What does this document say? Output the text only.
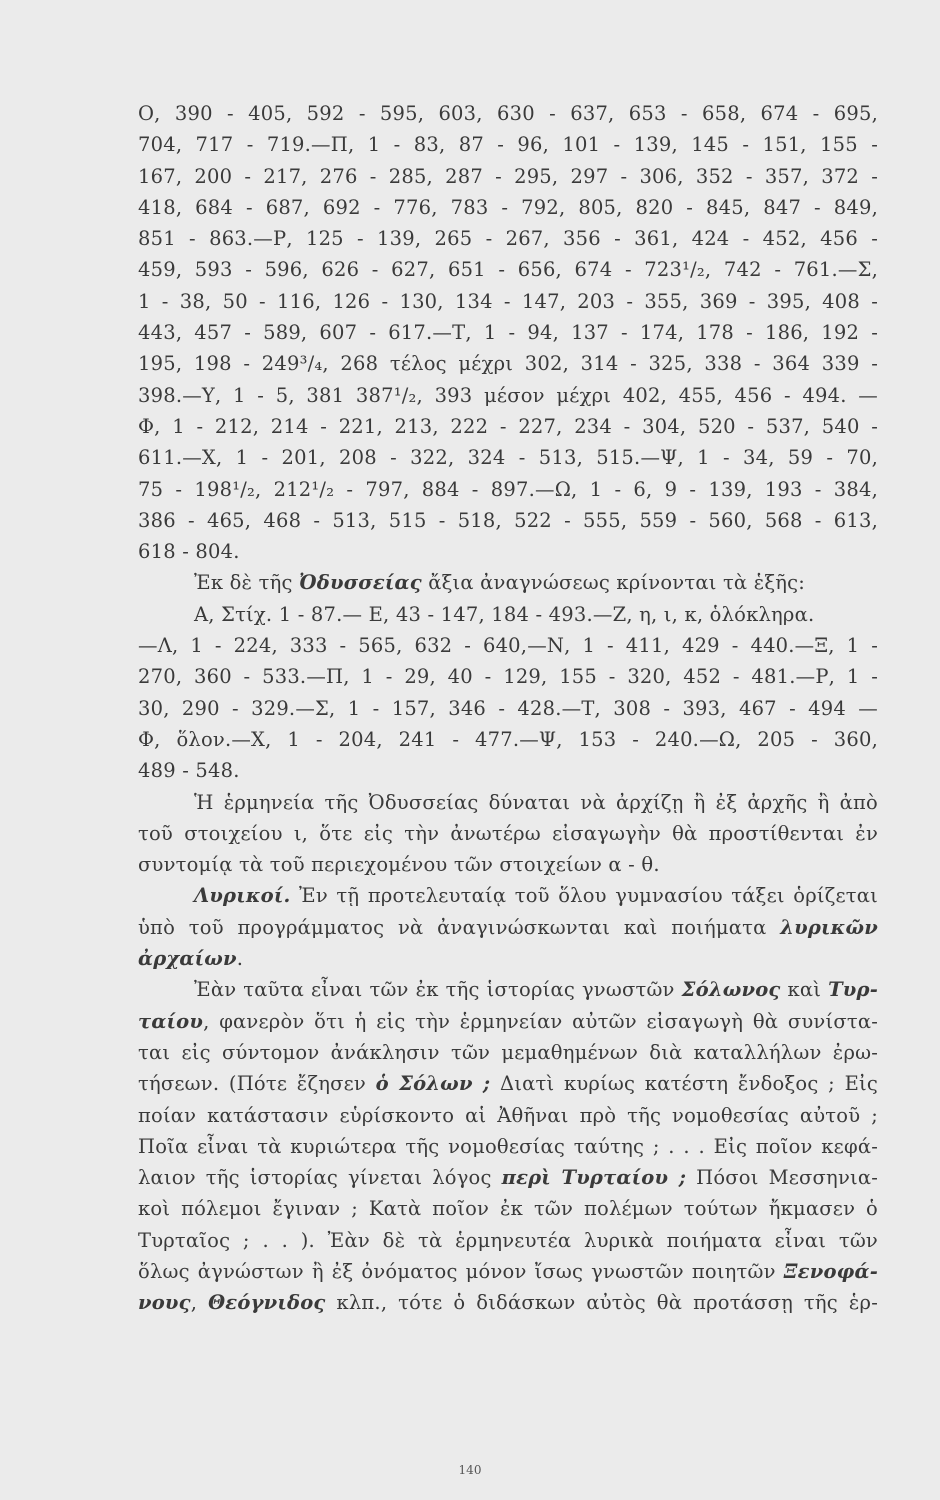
Ο, 390 - 405, 592 - 595, 603, 630 - 637, 653 - 658, 674 - 695,
704, 717 - 719.—Π, 1 - 83, 87 - 96, 101 - 139, 145 - 151, 155 -
167, 200 - 217, 276 - 285, 287 - 295, 297 - 306, 352 - 357, 372 -
418, 684 - 687, 692 - 776, 783 - 792, 805, 820 - 845, 847 - 849,
851 - 863.—Ρ, 125 - 139, 265 - 267, 356 - 361, 424 - 452, 456 -
459, 593 - 596, 626 - 627, 651 - 656, 674 - 723¹/₂, 742 - 761.—Σ,
1 - 38, 50 - 116, 126 - 130, 134 - 147, 203 - 355, 369 - 395, 408 -
443, 457 - 589, 607 - 617.—Τ, 1 - 94, 137 - 174, 178 - 186, 192 -
195, 198 - 249³/₄, 268 τέλος μέχρι 302, 314 - 325, 338 - 364 339 -
398.—Υ, 1 - 5, 381 387¹/₂, 393 μέσον μέχρι 402, 455, 456 - 494. —
Φ, 1 - 212, 214 - 221, 213, 222 - 227, 234 - 304, 520 - 537, 540 -
611.—Χ, 1 - 201, 208 - 322, 324 - 513, 515.—Ψ, 1 - 34, 59 - 70,
75 - 198¹/₂, 212¹/₂ - 797, 884 - 897.—Ω, 1 - 6, 9 - 139, 193 - 384,
386 - 465, 468 - 513, 515 - 518, 522 - 555, 559 - 560, 568 - 613,
618 - 804.
Ἐκ δὲ τῆς Ὀδυσσείας ἄξια ἀναγνώσεως κρίνονται τὰ ἑξῆς:
Α, Στίχ. 1 - 87.— Ε, 43 - 147, 184 - 493.—Ζ, η, ι, κ, ὁλόκληρα.
—Λ, 1 - 224, 333 - 565, 632 - 640,—Ν, 1 - 411, 429 - 440.—Ξ, 1 -
270, 360 - 533.—Π, 1 - 29, 40 - 129, 155 - 320, 452 - 481.—Ρ, 1 -
30, 290 - 329.—Σ, 1 - 157, 346 - 428.—Τ, 308 - 393, 467 - 494 —
Φ, ὅλον.—Χ, 1 - 204, 241 - 477.—Ψ, 153 - 240.—Ω, 205 - 360,
489 - 548.
Ἡ ἑρμηνεία τῆς Ὀδυσσείας δύναται νὰ ἀρχίζῃ ἢ ἐξ ἀρχῆς ἢ ἀπὸ
τοῦ στοιχείου ι, ὅτε εἰς τὴν ἀνωτέρω εἰσαγωγὴν θὰ προστίθενται ἐν
συντομίᾳ τὰ τοῦ περιεχομένου τῶν στοιχείων α - θ.
Λυρικοί. Ἐν τῇ προτελευταίᾳ τοῦ ὅλου γυμνασίου τάξει ὁρίζεται
ὑπὸ τοῦ προγράμματος νὰ ἀναγινώσκωνται καὶ ποιήματα λυρικῶν
ἀρχαίων.
Ἐὰν ταῦτα εἶναι τῶν ἐκ τῆς ἱστορίας γνωστῶν Σόλωνος καὶ Τυρ-
ταίου, φανερὸν ὅτι ἡ εἰς τὴν ἑρμηνείαν αὐτῶν εἰσαγωγὴ θὰ συνίστα-
ται εἰς σύντομον ἀνάκλησιν τῶν μεμαθημένων διὰ καταλλήλων ἐρω-
τήσεων. (Πότε ἔζησεν ὁ Σόλων ; Διατὶ κυρίως κατέστη ἔνδοξος ; Εἰς
ποίαν κατάστασιν εὑρίσκοντο αἱ Ἀθῆναι πρὸ τῆς νομοθεσίας αὐτοῦ ;
Ποῖα εἶναι τὰ κυριώτερα τῆς νομοθεσίας ταύτης ; . . . Εἰς ποῖον κεφά-
λαιον τῆς ἱστορίας γίνεται λόγος περὶ Τυρταίου ; Πόσοι Μεσσηνια-
κοὶ πόλεμοι ἔγιναν ; Κατὰ ποῖον ἐκ τῶν πολέμων τούτων ἤκμασεν ὁ
Τυρταῖος ; . . ). Ἐὰν δὲ τὰ ἑρμηνευτέα λυρικὰ ποιήματα εἶναι τῶν
ὅλως ἀγνώστων ἢ ἐξ ὀνόματος μόνον ἴσως γνωστῶν ποιητῶν Ξενοφά-
νους, Θεόγνιδος κλπ., τότε ὁ διδάσκων αὐτὸς θὰ προτάσσῃ τῆς ἑρ-
140
